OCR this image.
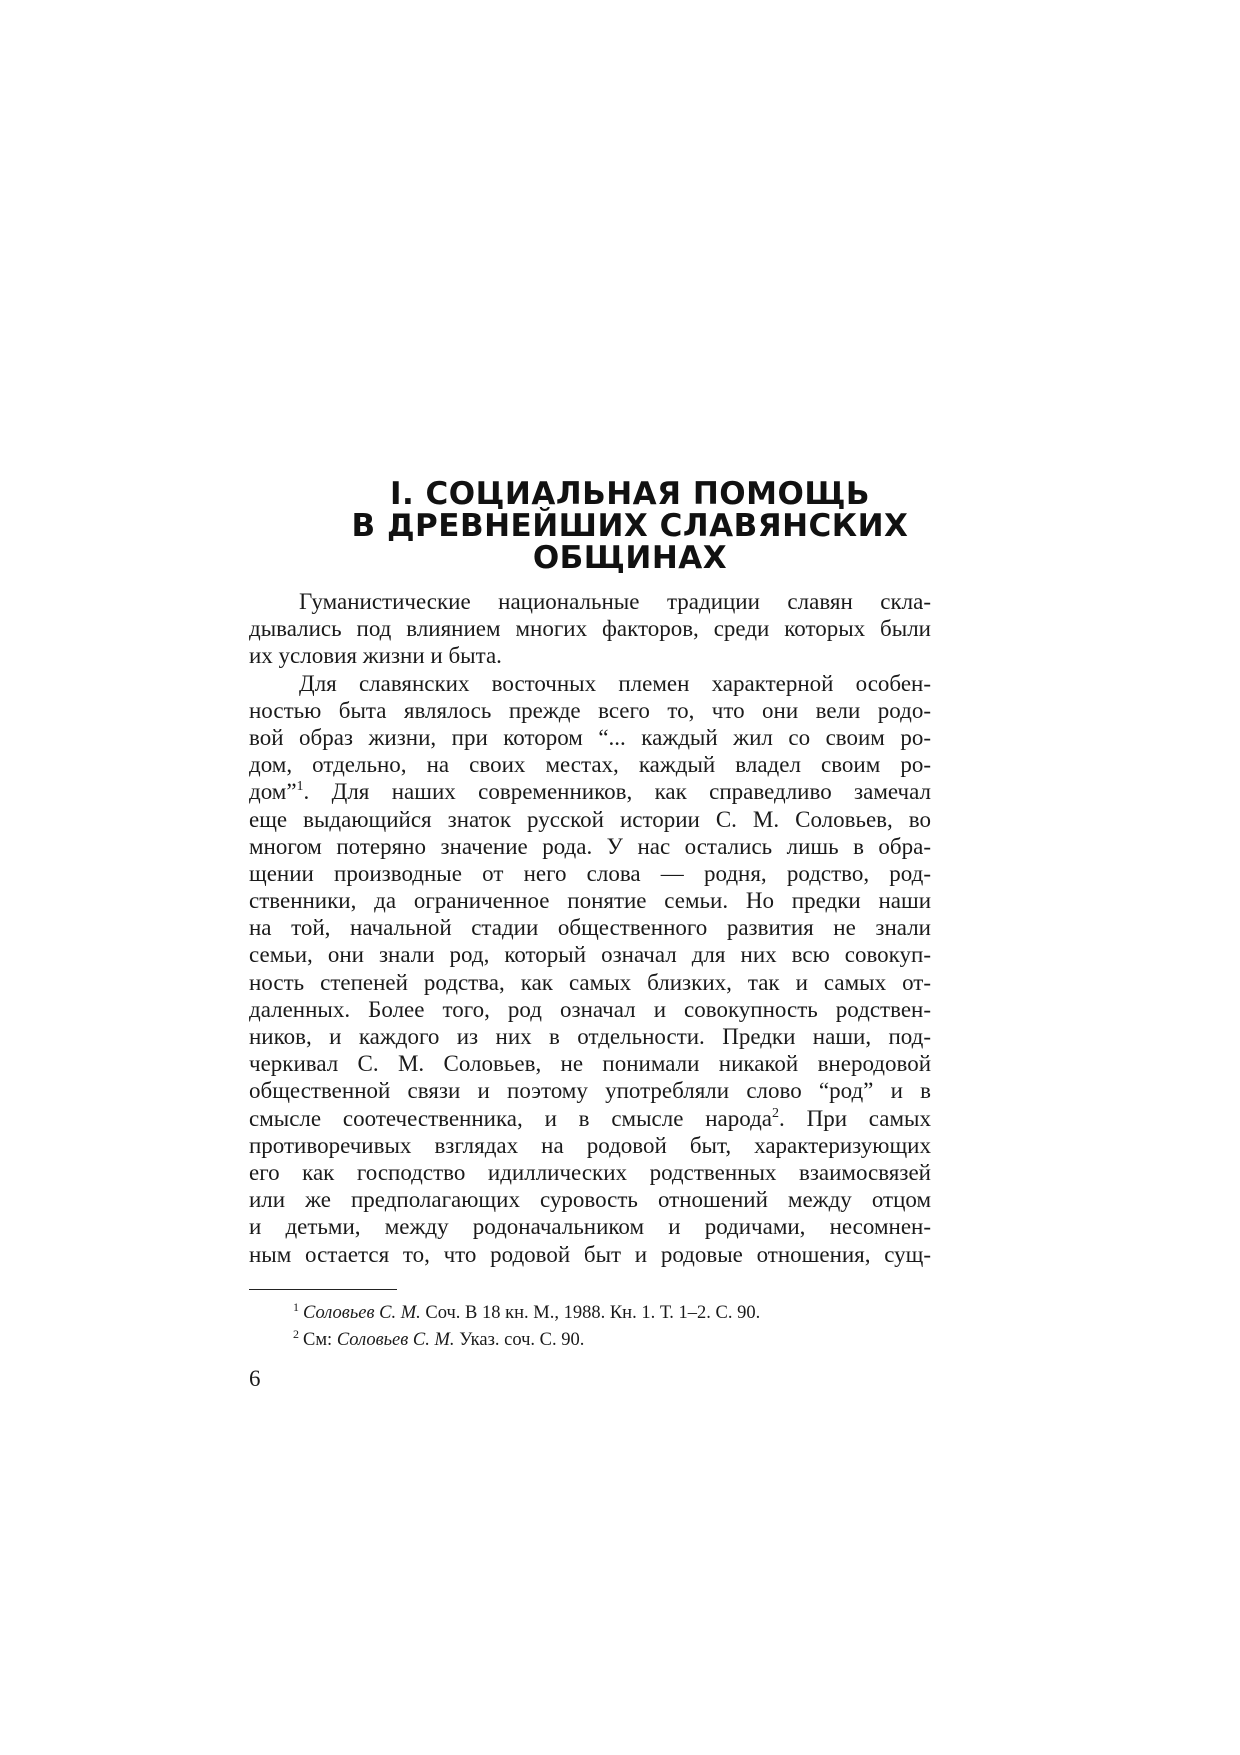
I. СОЦИАЛЬНАЯ ПОМОЩЬ
В ДРЕВНЕЙШИХ СЛАВЯНСКИХ
ОБЩИНАХ
Гуманистические национальные традиции славян скла-
дывались под влиянием многих факторов, среди которых были
их условия жизни и быта.
Для славянских восточных племен характерной особен-
ностью быта являлось прежде всего то, что они вели родо-
вой образ жизни, при котором “... каждый жил со своим ро-
дом, отдельно, на своих местах, каждый владел своим ро-
дом”$^1$. Для наших современников, как справедливо замечал
еще выдающийся знаток русской истории С. М. Соловьев, во
многом потеряно значение рода. У нас остались лишь в обра-
щении производные от него слова — родня, родство, род-
ственники, да ограниченное понятие семьи. Но предки наши
на той, начальной стадии общественного развития не знали
семьи, они знали род, который означал для них всю совокуп-
ность степеней родства, как самых близких, так и самых от-
даленных. Более того, род означал и совокупность родствен-
ников, и каждого из них в отдельности. Предки наши, под-
черкивал С. М. Соловьев, не понимали никакой внеродовой
общественной связи и поэтому употребляли слово “род” и в
смысле соотечественника, и в смысле народа$^2$. При самых
противоречивых взглядах на родовой быт, характеризующих
его как господство идиллических родственных взаимосвязей
или же предполагающих суровость отношений между отцом
и детьми, между родоначальником и родичами, несомнен-
ным остается то, что родовой быт и родовые отношения, сущ-
$^1$ Соловьев С. М. Соч. В 18 кн. М., 1988. Кн. 1. Т. 1–2. С. 90.
$^2$ См: Соловьев С. М. Указ. соч. С. 90.
6
